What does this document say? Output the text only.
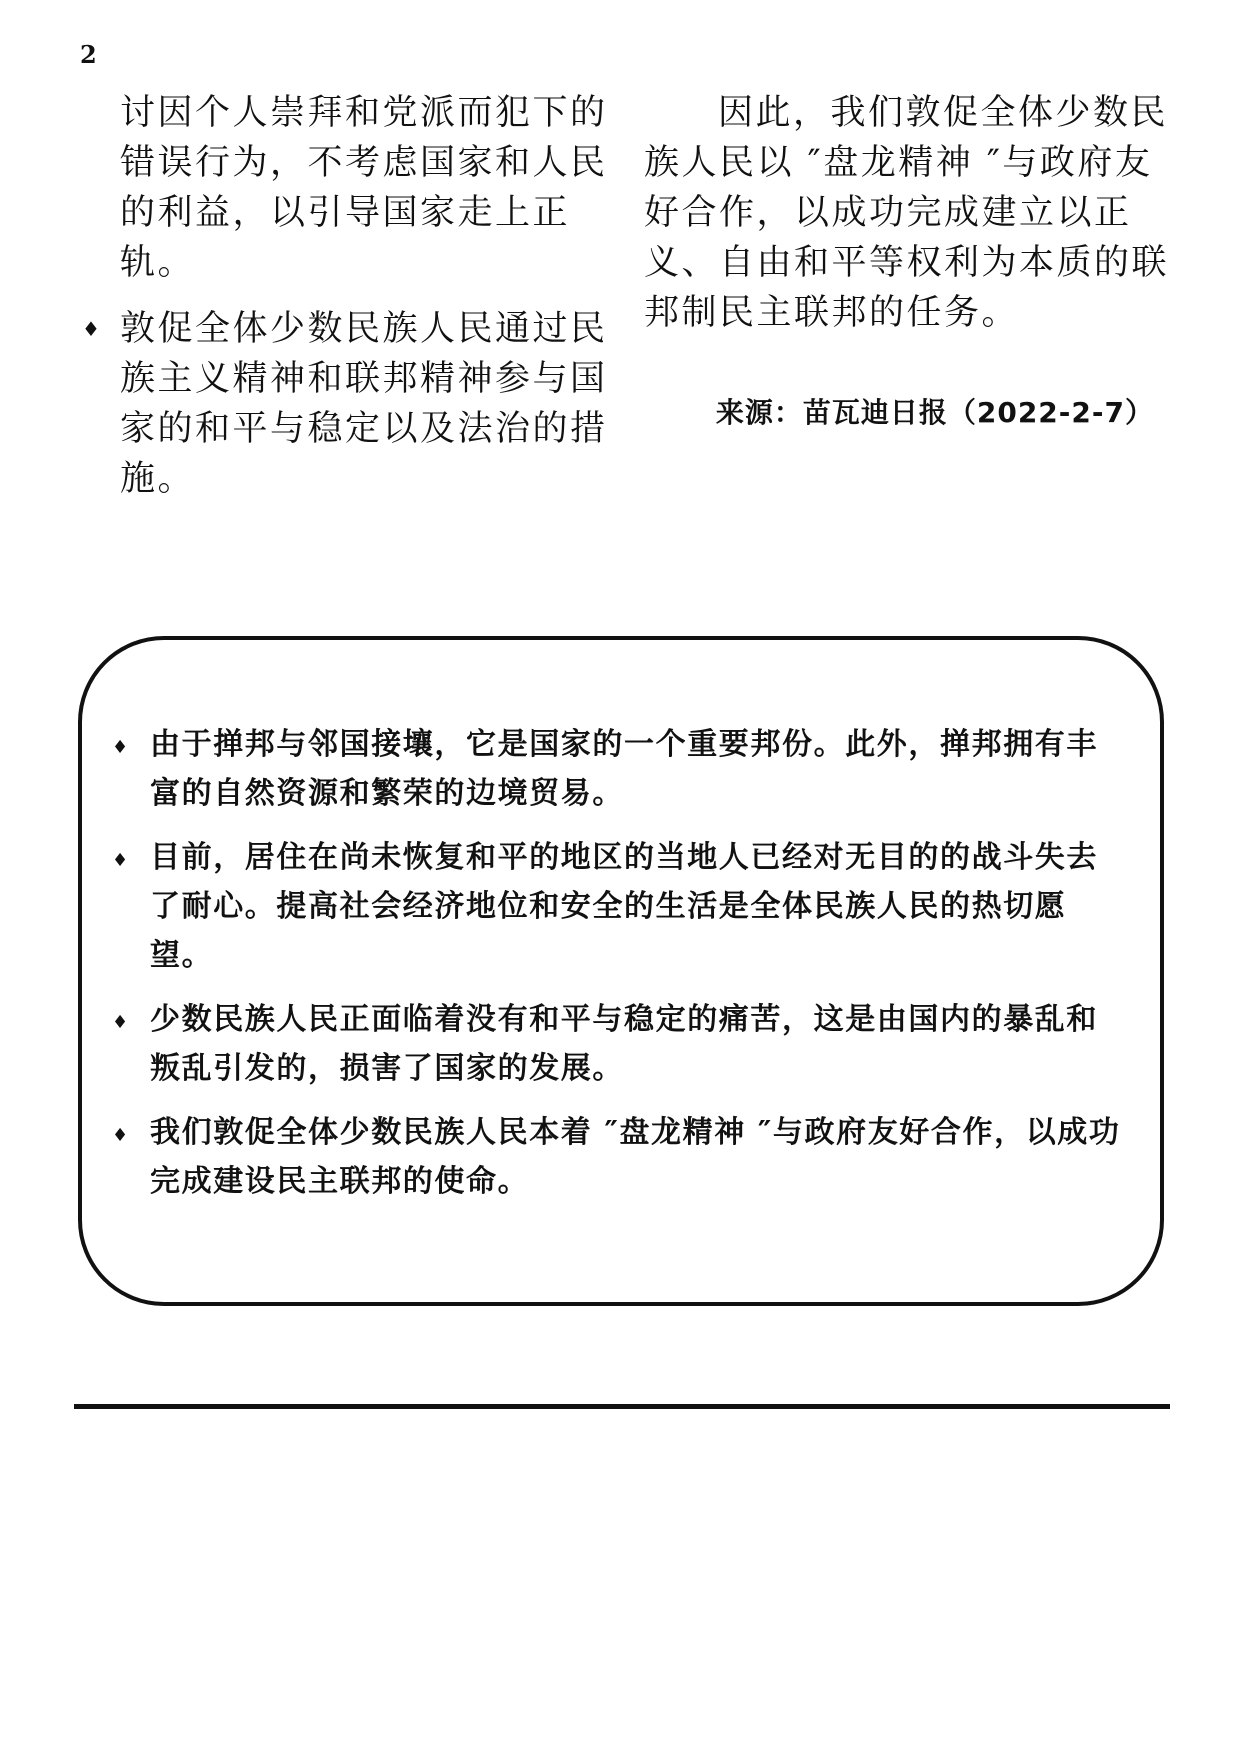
2

讨因个人崇拜和党派而犯下的错误行为，不考虑国家和人民的利益，以引导国家走上正轨。

♦ 敦促全体少数民族人民通过民族主义精神和联邦精神参与国家的和平与稳定以及法治的措施。

因此，我们敦促全体少数民族人民以 ″盘龙精神 ″与政府友好合作，以成功完成建立以正义、自由和平等权利为本质的联邦制民主联邦的任务。

来源：苗瓦迪日报（2022-2-7）
♦ 由于掸邦与邻国接壤，它是国家的一个重要邦份。此外，掸邦拥有丰富的自然资源和繁荣的边境贸易。
♦ 目前，居住在尚未恢复和平的地区的当地人已经对无目的的战斗失去了耐心。提高社会经济地位和安全的生活是全体民族人民的热切愿望。
♦ 少数民族人民正面临着没有和平与稳定的痛苦，这是由国内的暴乱和叛乱引发的，损害了国家的发展。
♦ 我们敦促全体少数民族人民本着 ″盘龙精神 ″与政府友好合作，以成功完成建设民主联邦的使命。
